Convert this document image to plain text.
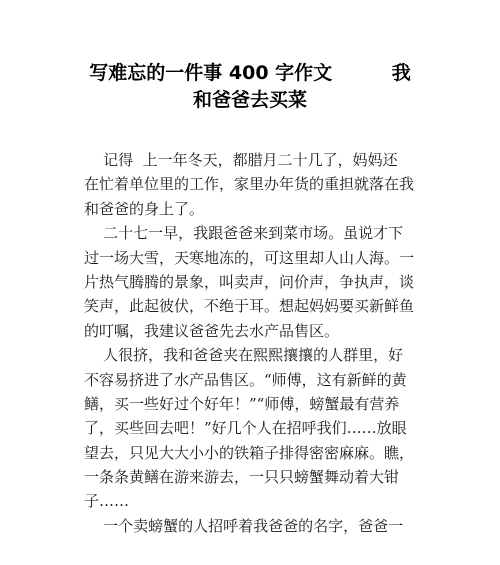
写难忘的一件事 400 字作文         我
和爸爸去买菜
记得  上一年冬天，都腊月二十几了，妈妈还
在忙着单位里的工作，家里办年货的重担就落在我
和爸爸的身上了。
二十七一早，我跟爸爸来到菜市场。虽说才下
过一场大雪，天寒地冻的，可这里却人山人海。一
片热气腾腾的景象，叫卖声，问价声，争执声，谈
笑声，此起彼伏，不绝于耳。想起妈妈要买新鲜鱼
的叮嘱，我建议爸爸先去水产品售区。
人很挤，我和爸爸夹在熙熙攘攘的人群里，好
不容易挤进了水产品售区。“师傅，这有新鲜的黄
鳝，买一些好过个好年！”“师傅，螃蟹最有营养
了，买些回去吧！”好几个人在招呼我们……放眼
望去，只见大大小小的铁箱子排得密密麻麻。瞧，
一条条黄鳝在游来游去，一只只螃蟹舞动着大钳
子……
一个卖螃蟹的人招呼着我爸爸的名字，爸爸一
